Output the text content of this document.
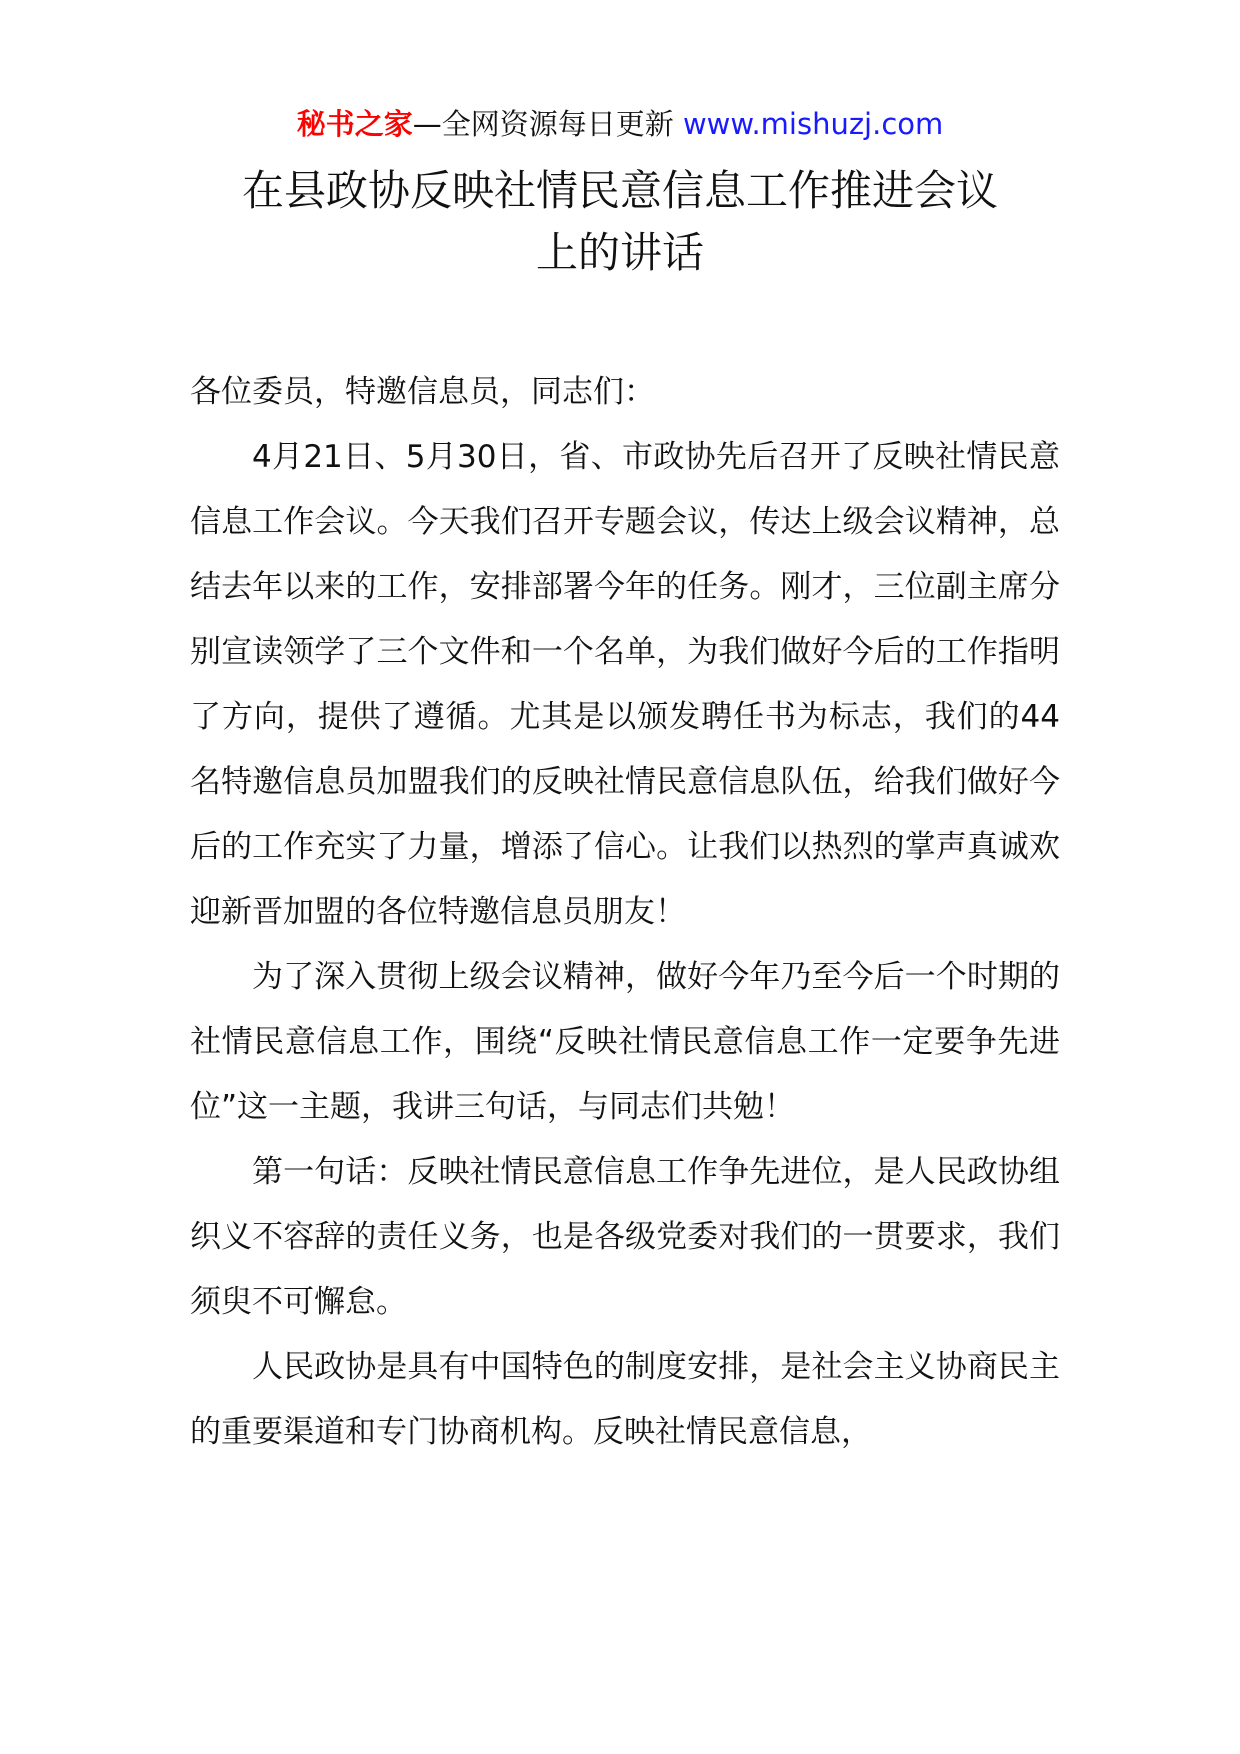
秘书之家—全网资源每日更新 www.mishuzj.com
在县政协反映社情民意信息工作推进会议
上的讲话

各位委员，特邀信息员，同志们：

4月21日、5月30日，省、市政协先后召开了反映社情民意信息工作会议。今天我们召开专题会议，传达上级会议精神，总结去年以来的工作，安排部署今年的任务。刚才，三位副主席分别宣读领学了三个文件和一个名单，为我们做好今后的工作指明了方向，提供了遵循。尤其是以颁发聘任书为标志，我们的44名特邀信息员加盟我们的反映社情民意信息队伍，给我们做好今后的工作充实了力量，增添了信心。让我们以热烈的掌声真诚欢迎新晋加盟的各位特邀信息员朋友！

为了深入贯彻上级会议精神，做好今年乃至今后一个时期的社情民意信息工作，围绕“反映社情民意信息工作一定要争先进位”这一主题，我讲三句话，与同志们共勉！

第一句话：反映社情民意信息工作争先进位，是人民政协组织义不容辞的责任义务，也是各级党委对我们的一贯要求，我们须臾不可懈怠。

人民政协是具有中国特色的制度安排，是社会主义协商民主的重要渠道和专门协商机构。反映社情民意信息，
